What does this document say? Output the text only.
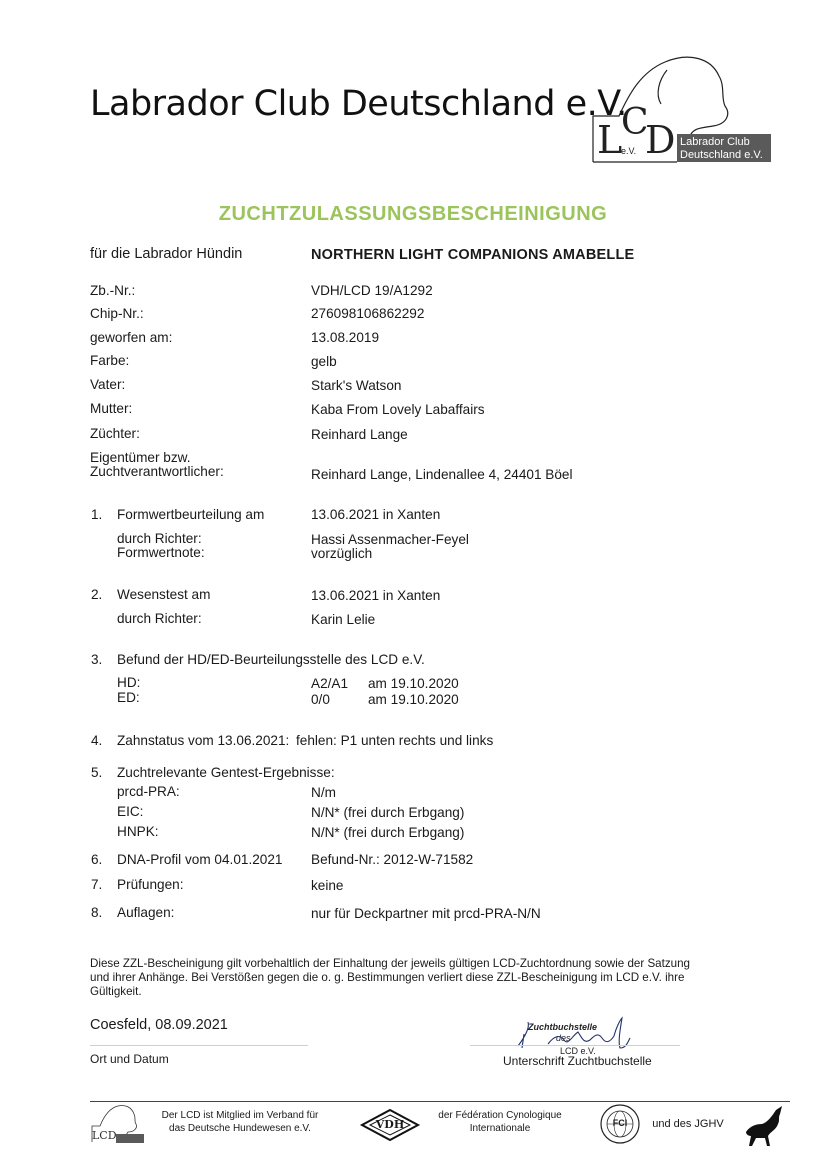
Labrador Club Deutschland e.V.
L
C
D
e.V.
Labrador Club
Deutschland e.V.
ZUCHTZULASSUNGSBESCHEINIGUNG
für die Labrador Hündin	NORTHERN LIGHT COMPANIONS AMABELLE
Zb.-Nr.:	VDH/LCD 19/A1292
Chip-Nr.:	276098106862292
geworfen am:	13.08.2019
Farbe:	gelb
Vater:	Stark's Watson
Mutter:	Kaba From Lovely Labaffairs
Züchter:	Reinhard Lange
Eigentümer bzw.
Zuchtverantwortlicher:	Reinhard Lange, Lindenallee 4, 24401 Böel
1. Formwertbeurteilung am	13.06.2021 in Xanten
durch Richter:	Hassi Assenmacher-Feyel
Formwertnote:	vorzüglich
2. Wesenstest am	13.06.2021 in Xanten
durch Richter:	Karin Lelie
3. Befund der HD/ED-Beurteilungsstelle des LCD e.V.
HD:	A2/A1 am 19.10.2020
ED:	0/0	am 19.10.2020
4. Zahnstatus vom 13.06.2021: fehlen: P1 unten rechts und links
5. Zuchtrelevante Gentest-Ergebnisse:
prcd-PRA:	N/m
EIC:	N/N* (frei durch Erbgang)
HNPK:	N/N* (frei durch Erbgang)
6. DNA-Profil vom 04.01.2021 Befund-Nr.: 2012-W-71582
7. Prüfungen:	keine
8. Auflagen:	nur für Deckpartner mit prcd-PRA-N/N
Diese ZZL-Bescheinigung gilt vorbehaltlich der Einhaltung der jeweils gültigen LCD-Zuchtordnung sowie der Satzung und ihrer Anhänge. Bei Verstößen gegen die o. g. Bestimmungen verliert diese ZZL-Bescheinigung im LCD e.V. ihre Gültigkeit.
Coesfeld, 08.09.2021
Ort und Datum
Zuchtbuchstelle
des
LCD e.V.
Unterschrift Zuchtbuchstelle
LCD
Der LCD ist Mitglied im Verband für
das Deutsche Hundewesen e.V.	VDH
der Fédération Cynologique
Internationale	FCI	und des JGHV
